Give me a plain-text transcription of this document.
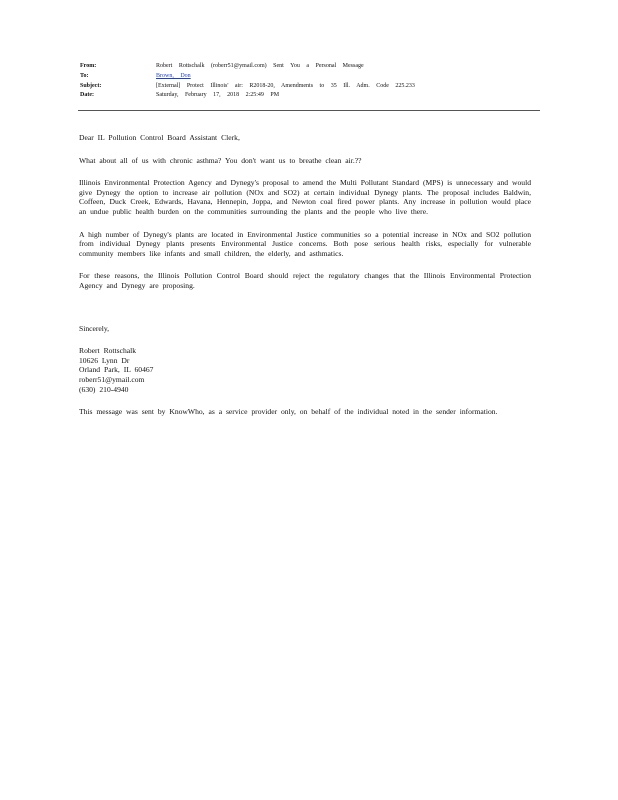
From:	Robert Rottschalk (roberr51@ymail.com) Sent You a Personal Message
To:	Brown, Don
Subject:	[External] Protect Illinois' air: R2018-20, Amendments to 35 Ill. Adm. Code 225.233
Date:	Saturday, February 17, 2018 2:25:49 PM

Dear IL Pollution Control Board Assistant Clerk,

What about all of us with chronic asthma? You don't want us to breathe clean air.??

Illinois Environmental Protection Agency and Dynegy's proposal to amend the Multi Pollutant Standard (MPS) is unnecessary and would give Dynegy the option to increase air pollution (NOx and SO2) at certain individual Dynegy plants. The proposal includes Baldwin, Coffeen, Duck Creek, Edwards, Havana, Hennepin, Joppa, and Newton coal fired power plants. Any increase in pollution would place an undue public health burden on the communities surrounding the plants and the people who live there.

A high number of Dynegy's plants are located in Environmental Justice communities so a potential increase in NOx and SO2 pollution from individual Dynegy plants presents Environmental Justice concerns. Both pose serious health risks, especially for vulnerable community members like infants and small children, the elderly, and asthmatics.

For these reasons, the Illinois Pollution Control Board should reject the regulatory changes that the Illinois Environmental Protection Agency and Dynegy are proposing.

Sincerely,

Robert Rottschalk
10626 Lynn Dr
Orland Park, IL 60467
roberr51@ymail.com
(630) 210-4940

This message was sent by KnowWho, as a service provider only, on behalf of the individual noted in the sender information.
